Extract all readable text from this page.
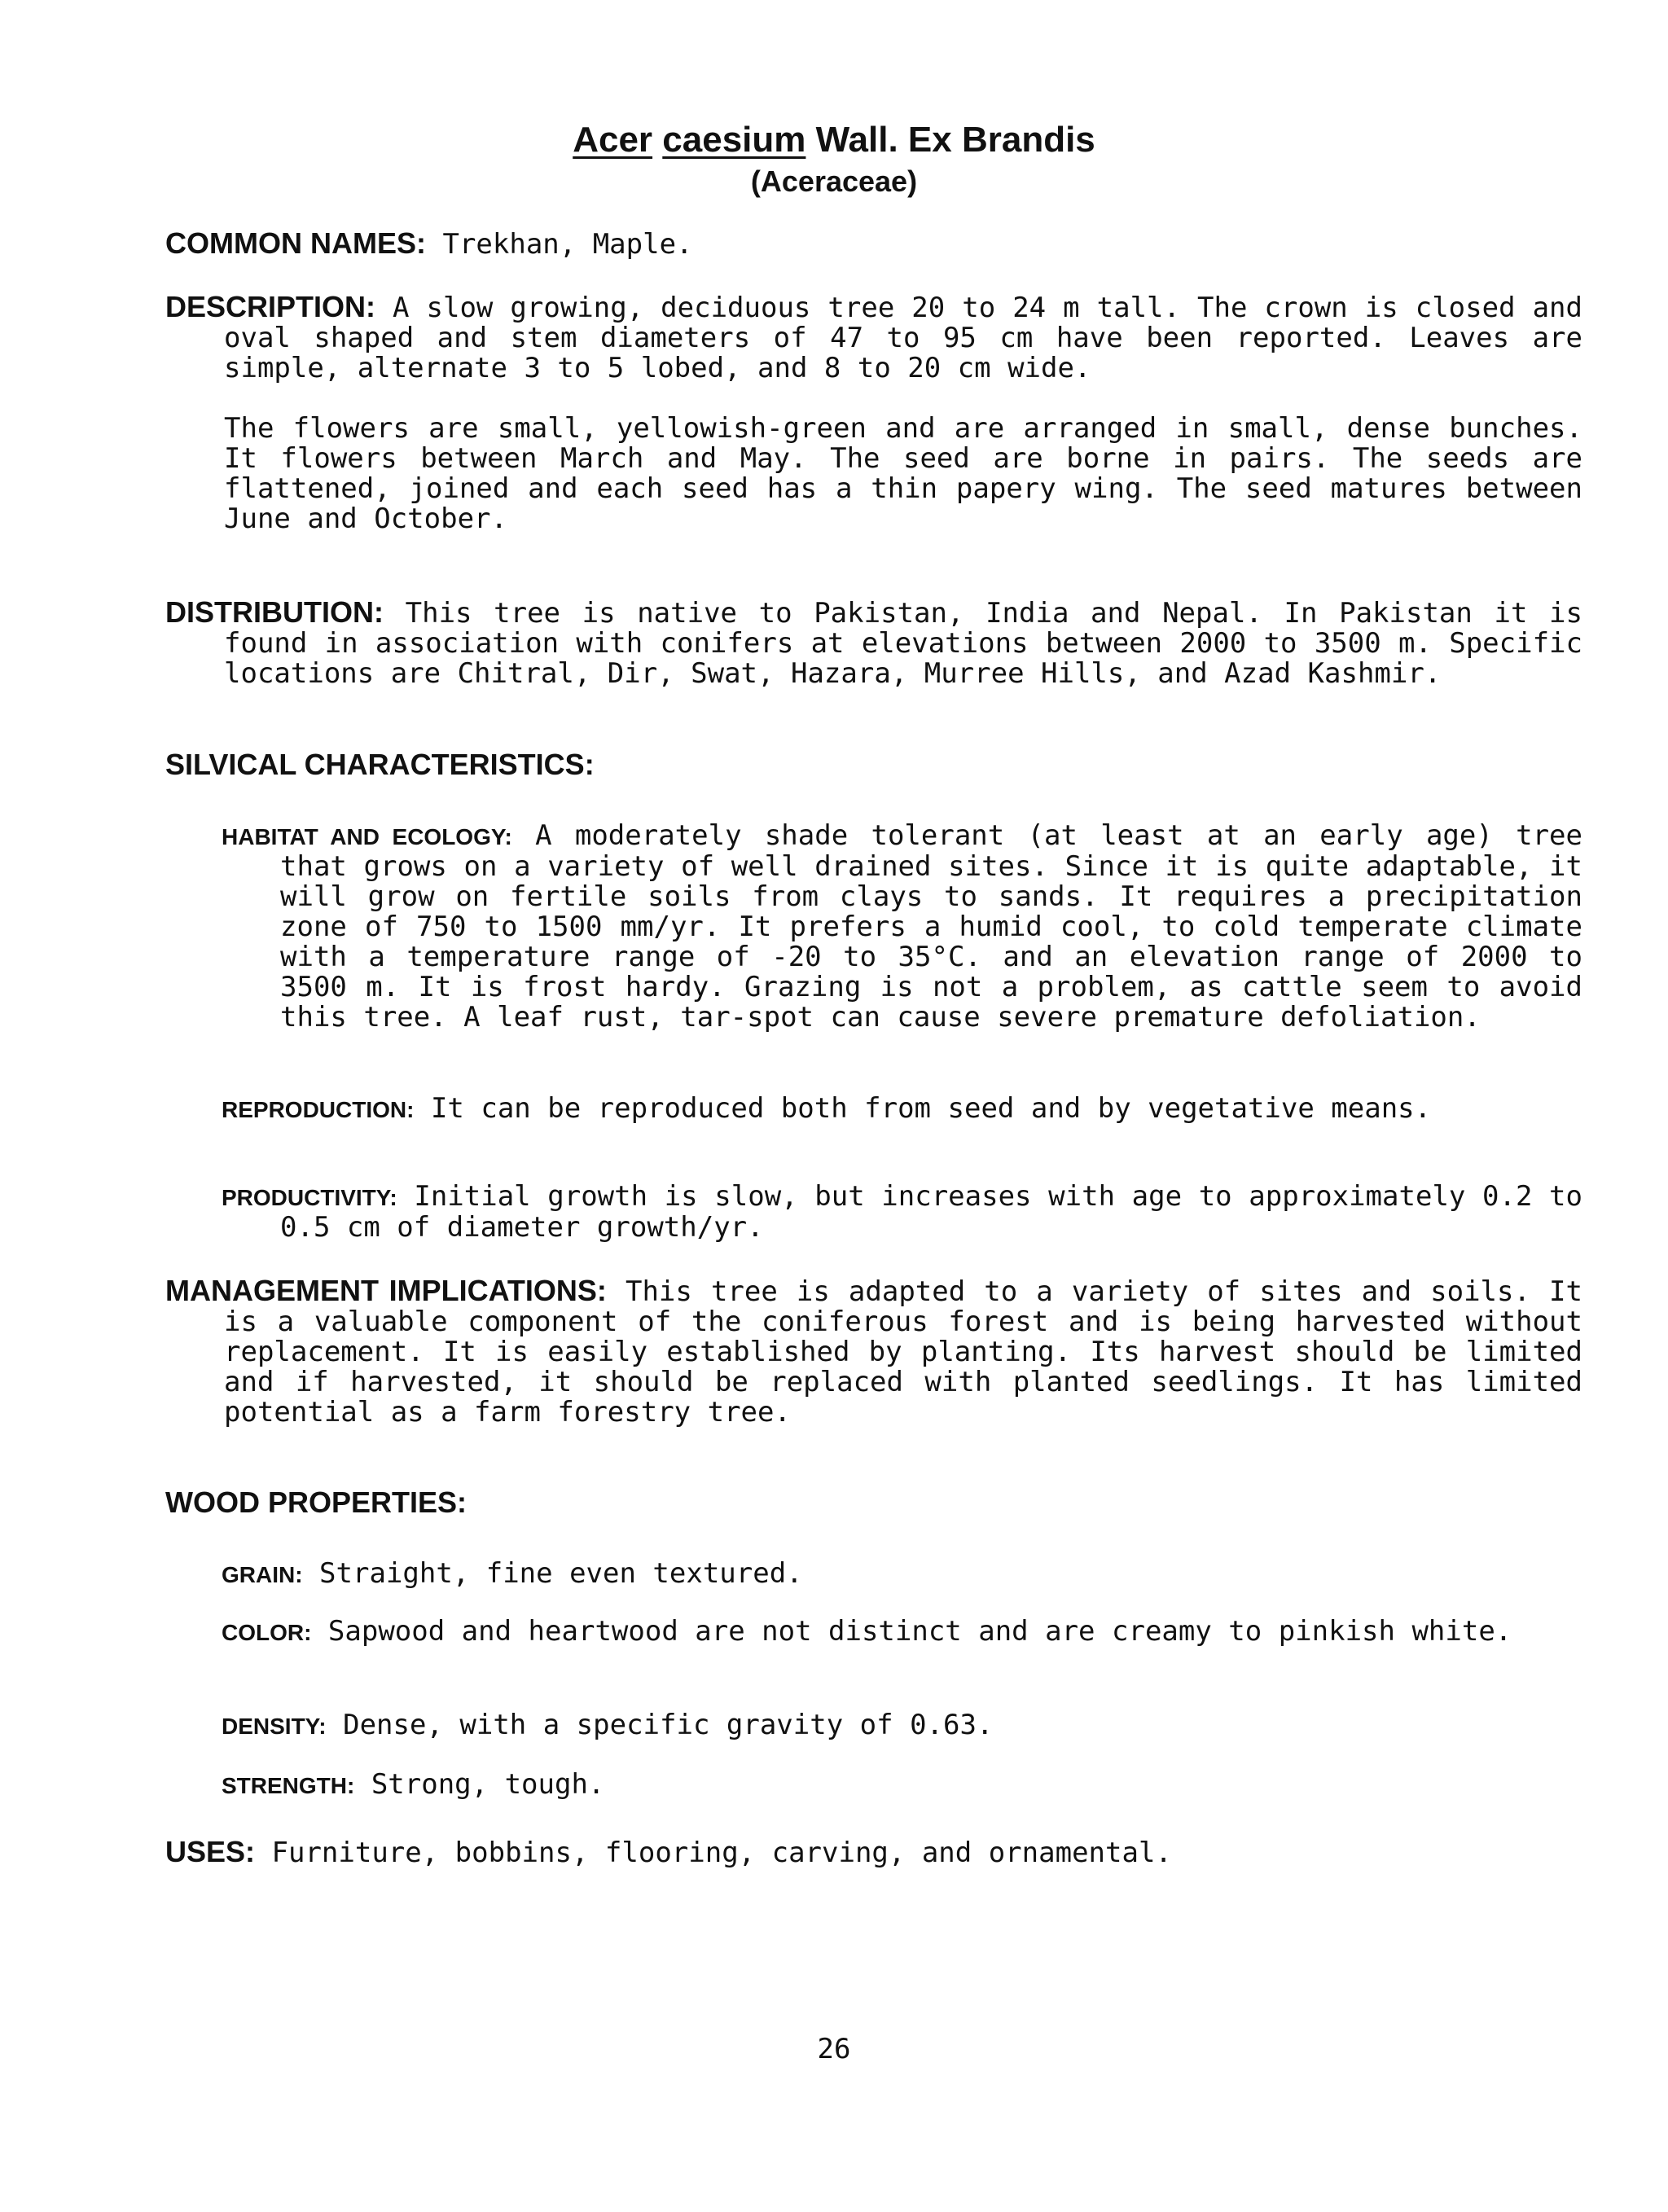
Acer caesium Wall. Ex Brandis
(Aceraceae)
COMMON NAMES: Trekhan, Maple.
DESCRIPTION: A slow growing, deciduous tree 20 to 24 m tall. The crown is closed and oval shaped and stem diameters of 47 to 95 cm have been reported. Leaves are simple, alternate 3 to 5 lobed, and 8 to 20 cm wide.
The flowers are small, yellowish-green and are arranged in small, dense bunches. It flowers between March and May. The seed are borne in pairs. The seeds are flattened, joined and each seed has a thin papery wing. The seed matures between June and October.
DISTRIBUTION: This tree is native to Pakistan, India and Nepal. In Pakistan it is found in association with conifers at elevations between 2000 to 3500 m. Specific locations are Chitral, Dir, Swat, Hazara, Murree Hills, and Azad Kashmir.
SILVICAL CHARACTERISTICS:
HABITAT AND ECOLOGY: A moderately shade tolerant (at least at an early age) tree that grows on a variety of well drained sites. Since it is quite adaptable, it will grow on fertile soils from clays to sands. It requires a precipitation zone of 750 to 1500 mm/yr. It prefers a humid cool, to cold temperate climate with a temperature range of -20 to 35°C. and an elevation range of 2000 to 3500 m. It is frost hardy. Grazing is not a problem, as cattle seem to avoid this tree. A leaf rust, tar-spot can cause severe premature defoliation.
REPRODUCTION: It can be reproduced both from seed and by vegetative means.
PRODUCTIVITY: Initial growth is slow, but increases with age to approximately 0.2 to 0.5 cm of diameter growth/yr.
MANAGEMENT IMPLICATIONS: This tree is adapted to a variety of sites and soils. It is a valuable component of the coniferous forest and is being harvested without replacement. It is easily established by planting. Its harvest should be limited and if harvested, it should be replaced with planted seedlings. It has limited potential as a farm forestry tree.
WOOD PROPERTIES:
GRAIN: Straight, fine even textured.
COLOR: Sapwood and heartwood are not distinct and are creamy to pinkish white.
DENSITY: Dense, with a specific gravity of 0.63.
STRENGTH: Strong, tough.
USES: Furniture, bobbins, flooring, carving, and ornamental.
26
